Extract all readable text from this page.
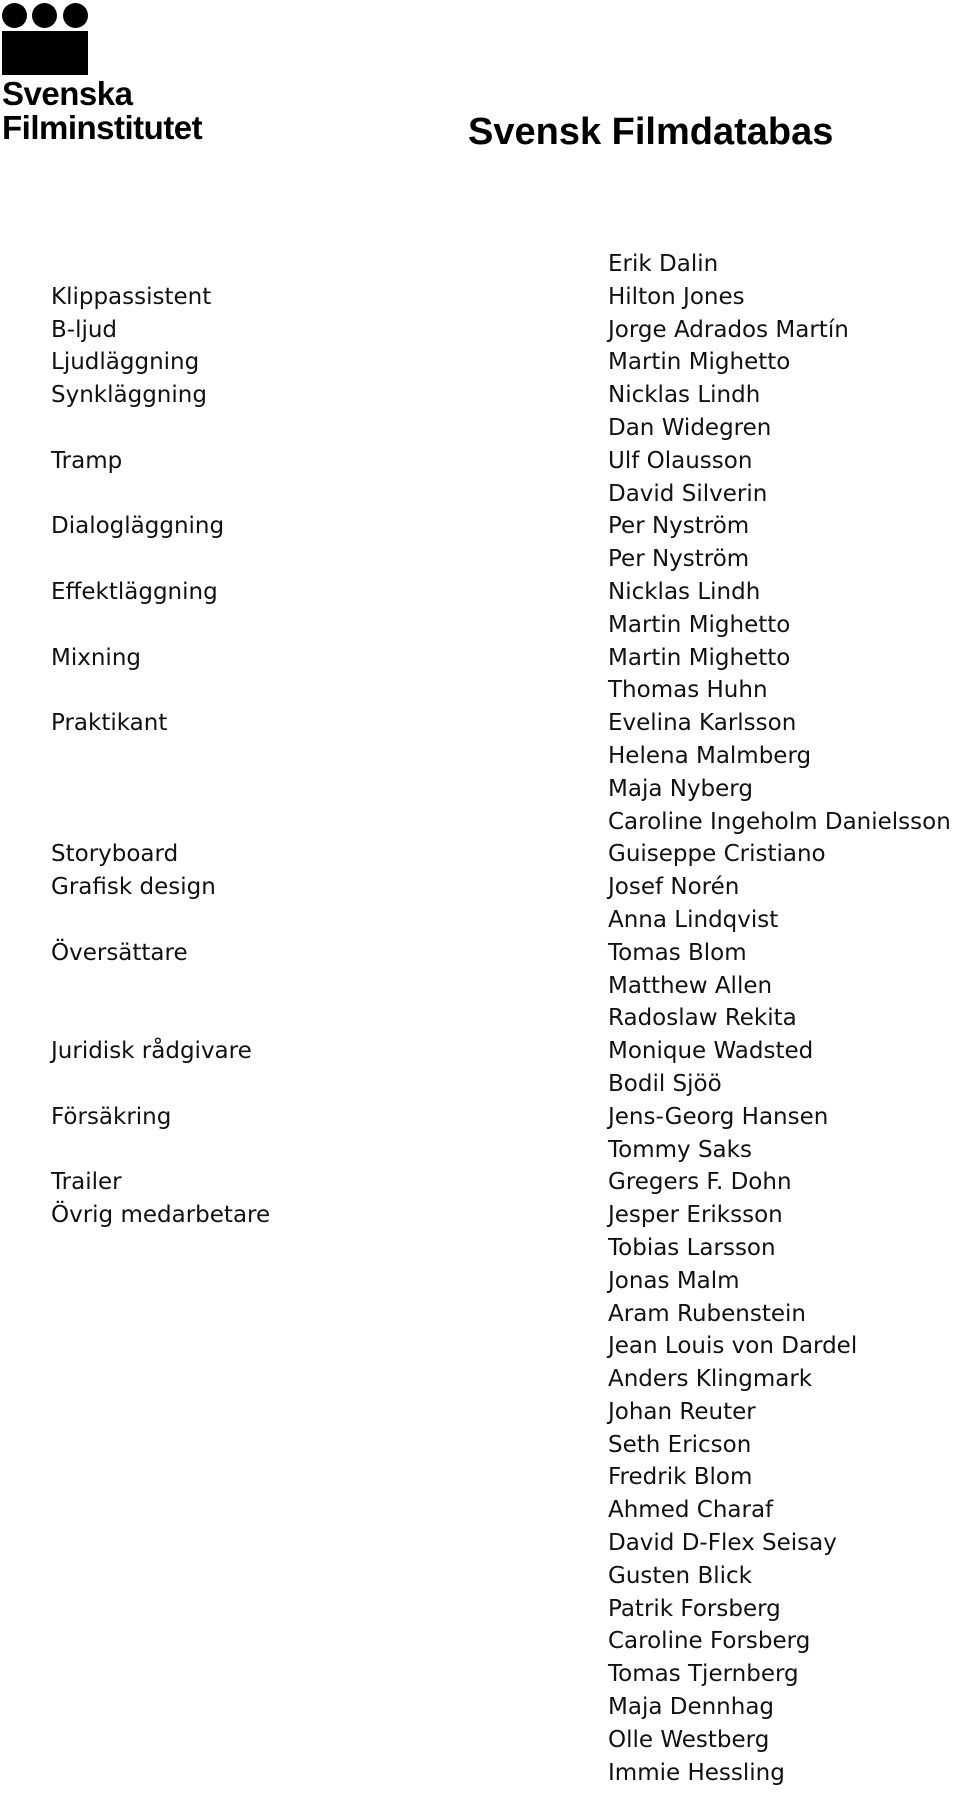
Svenska
Filminstitutet	Svensk Filmdatabas
Klippassistent
B-ljud
Ljudläggning
Synkläggning
Tramp
Dialogläggning
Effektläggning
Mixning
Praktikant
Storyboard
Grafisk design
Översättare
Juridisk rådgivare
Försäkring
Trailer
Övrig medarbetare
Erik Dalin
Hilton Jones
Jorge Adrados Martín
Martin Mighetto
Nicklas Lindh
Dan Widegren
Ulf Olausson
David Silverin
Per Nyström
Per Nyström
Nicklas Lindh
Martin Mighetto
Martin Mighetto
Thomas Huhn
Evelina Karlsson
Helena Malmberg
Maja Nyberg
Caroline Ingeholm Danielsson
Guiseppe Cristiano
Josef Norén
Anna Lindqvist
Tomas Blom
Matthew Allen
Radoslaw Rekita
Monique Wadsted
Bodil Sjöö
Jens-Georg Hansen
Tommy Saks
Gregers F. Dohn
Jesper Eriksson
Tobias Larsson
Jonas Malm
Aram Rubenstein
Jean Louis von Dardel
Anders Klingmark
Johan Reuter
Seth Ericson
Fredrik Blom
Ahmed Charaf
David D-Flex Seisay
Gusten Blick
Patrik Forsberg
Caroline Forsberg
Tomas Tjernberg
Maja Dennhag
Olle Westberg
Immie Hessling
